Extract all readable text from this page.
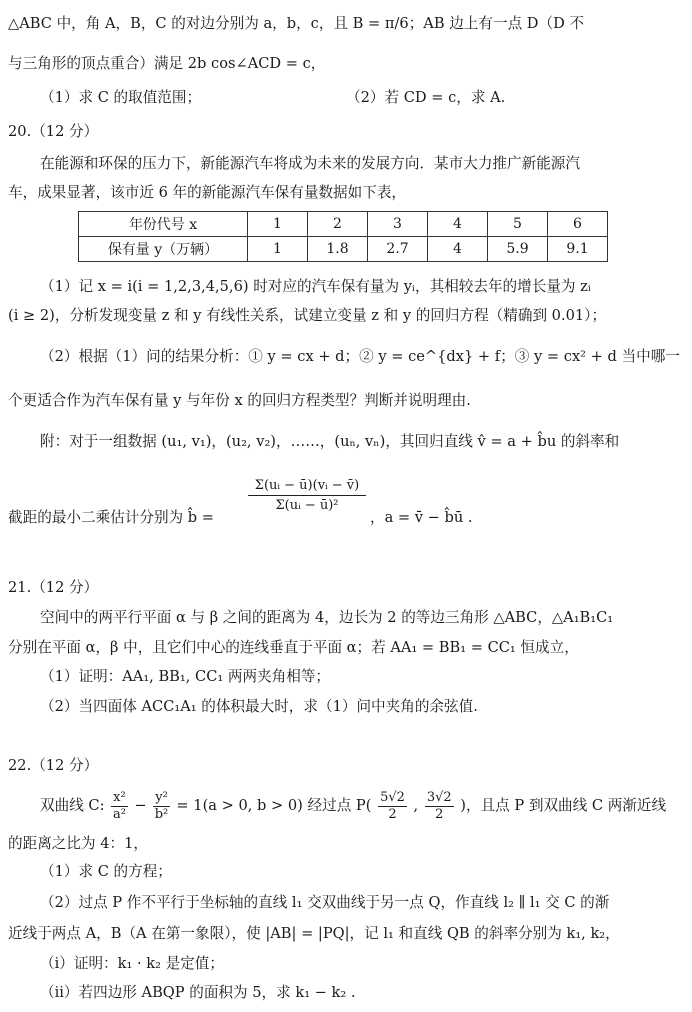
△ABC 中，角 A，B，C 的对边分别为 a，b，c，且 B = π/6；AB 边上有一点 D（D 不
与三角形的顶点重合）满足 2b cos∠ACD = c，
（1）求 C 的取值范围；	（2）若 CD = c，求 A.
20.（12 分）
在能源和环保的压力下，新能源汽车将成为未来的发展方向．某市大力推广新能源汽
车，成果显著，该市近 6 年的新能源汽车保有量数据如下表，
年份代号 x	1	2	3	4	5	6
保有量 y（万辆）	1	1.8	2.7	4	5.9	9.1
（1）记 x = i(i = 1,2,3,4,5,6) 时对应的汽车保有量为 yᵢ，其相较去年的增长量为 zᵢ
(i ≥ 2)，分析发现变量 z 和 y 有线性关系，试建立变量 z 和 y 的回归方程（精确到 0.01）；
（2）根据（1）问的结果分析：① y = cx + d；② y = ce^{dx} + f；③ y = cx² + d 当中哪一
个更适合作为汽车保有量 y 与年份 x 的回归方程类型？判断并说明理由.
附：对于一组数据 (u₁, v₁)，(u₂, v₂)，……，(uₙ, vₙ)，其回归直线 v̂ = a + b̂u 的斜率和
截距的最小二乘估计分别为 b̂ =
$\frac{\text{Σ(uᵢ − ū)(vᵢ − v̄)}}{\text{Σ(uᵢ − ū)²}}$
，a = v̄ − b̂ū .
21.（12 分）
空间中的两平行平面 α 与 β 之间的距离为 4，边长为 2 的等边三角形 △ABC，△A₁B₁C₁
分别在平面 α，β 中，且它们中心的连线垂直于平面 α；若 AA₁ = BB₁ = CC₁ 恒成立，
（1）证明：AA₁, BB₁, CC₁ 两两夹角相等；
（2）当四面体 ACC₁A₁ 的体积最大时，求（1）问中夹角的余弦值.
22.（12 分）
双曲线 C: $\frac{\text{x²}}{\text{a²}} - \frac{\text{y²}}{\text{b²}} = 1(a > 0$, b > 0) 经过点 $P( \frac{5√2}{2}$ , $\frac{3√2}{2}$ )，且点 P 到双曲线 C 两渐近线
的距离之比为 4：1，
（1）求 C 的方程；
（2）过点 P 作不平行于坐标轴的直线 l₁ 交双曲线于另一点 Q，作直线 l₂ ∥ l₁ 交 C 的渐
近线于两点 A，B（A 在第一象限），使 |AB| = |PQ|，记 l₁ 和直线 QB 的斜率分别为 k₁, k₂，
（i）证明：k₁ · k₂ 是定值；
（ii）若四边形 ABQP 的面积为 5，求 k₁ − k₂ .
